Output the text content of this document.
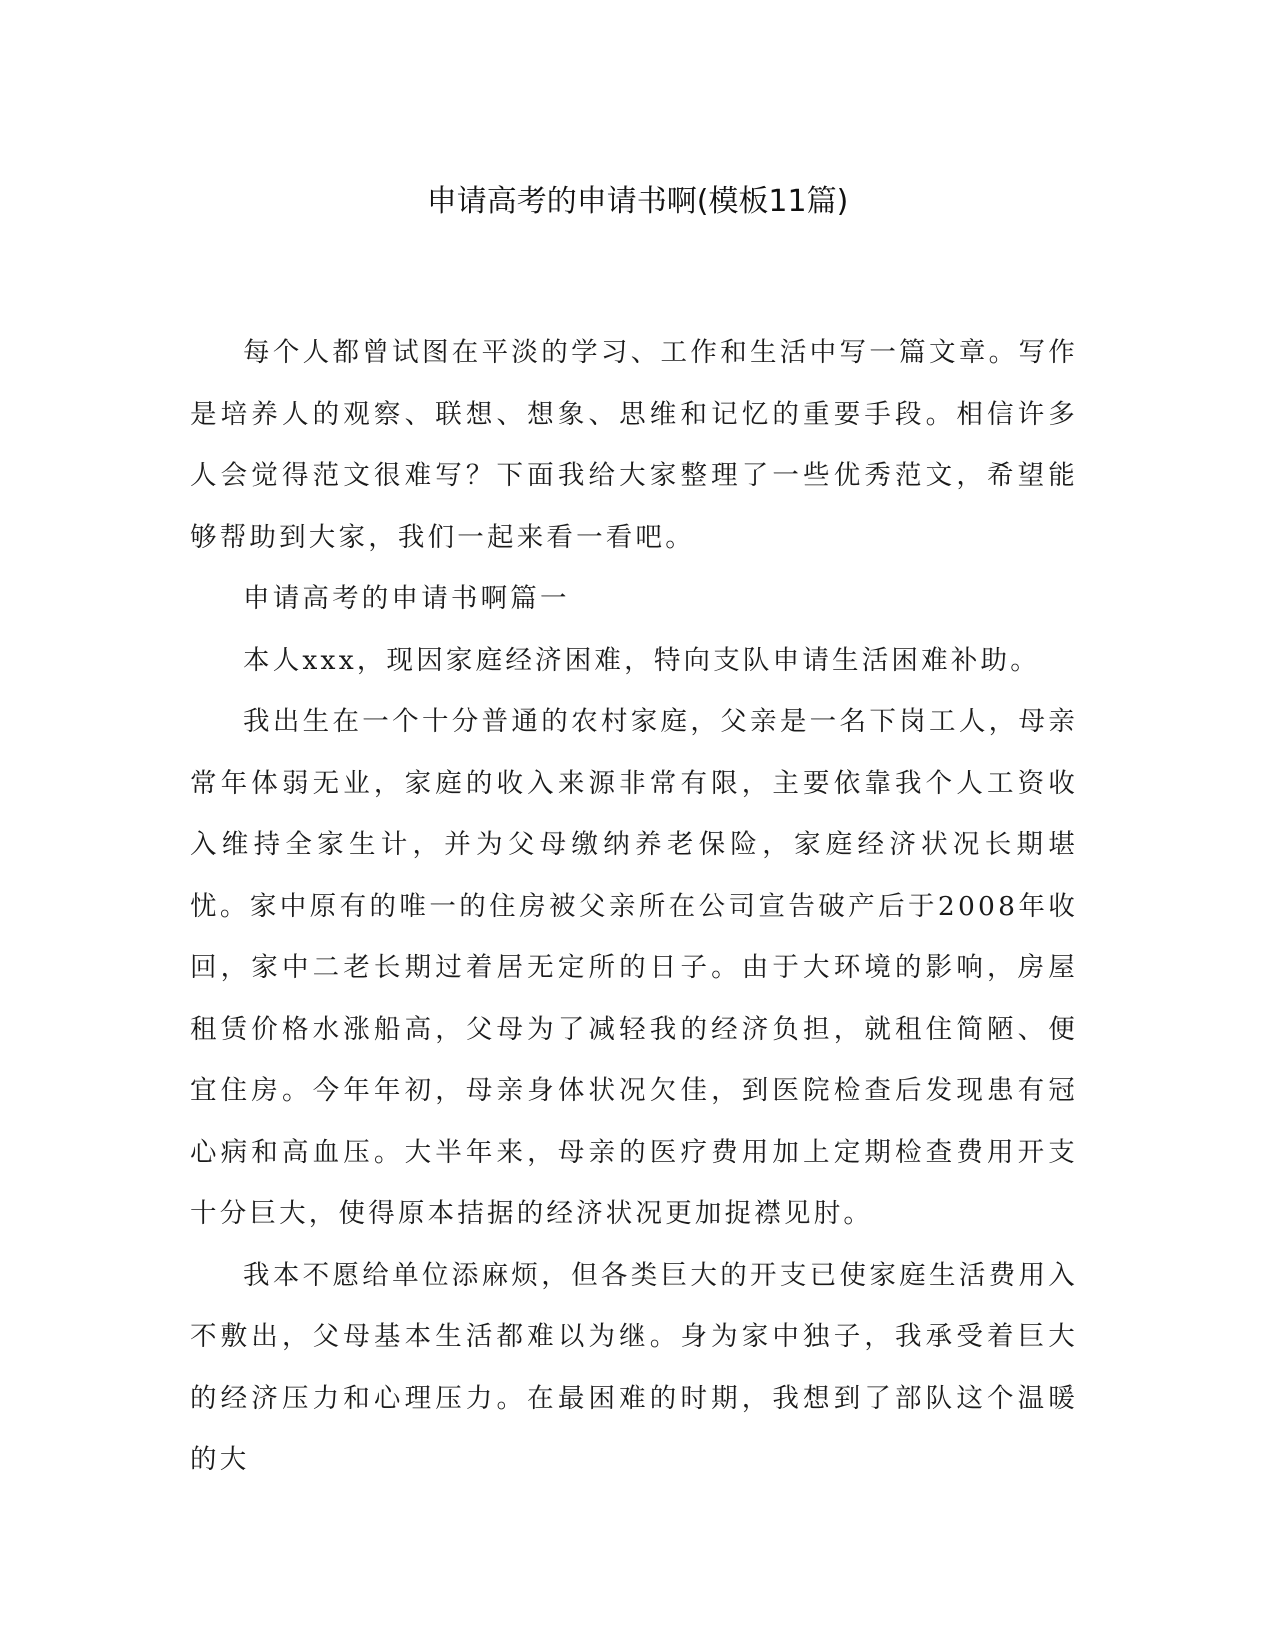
申请高考的申请书啊(模板11篇)

每个人都曾试图在平淡的学习、工作和生活中写一篇文章。写作是培养人的观察、联想、想象、思维和记忆的重要手段。相信许多人会觉得范文很难写？下面我给大家整理了一些优秀范文，希望能够帮助到大家，我们一起来看一看吧。

申请高考的申请书啊篇一

本人xxx，现因家庭经济困难，特向支队申请生活困难补助。

我出生在一个十分普通的农村家庭，父亲是一名下岗工人，母亲常年体弱无业，家庭的收入来源非常有限，主要依靠我个人工资收入维持全家生计，并为父母缴纳养老保险，家庭经济状况长期堪忧。家中原有的唯一的住房被父亲所在公司宣告破产后于2008年收回，家中二老长期过着居无定所的日子。由于大环境的影响，房屋租赁价格水涨船高，父母为了减轻我的经济负担，就租住简陋、便宜住房。今年年初，母亲身体状况欠佳，到医院检查后发现患有冠心病和高血压。大半年来，母亲的医疗费用加上定期检查费用开支十分巨大，使得原本拮据的经济状况更加捉襟见肘。

我本不愿给单位添麻烦，但各类巨大的开支已使家庭生活费用入不敷出，父母基本生活都难以为继。身为家中独子，我承受着巨大的经济压力和心理压力。在最困难的时期，我想到了部队这个温暖的大
